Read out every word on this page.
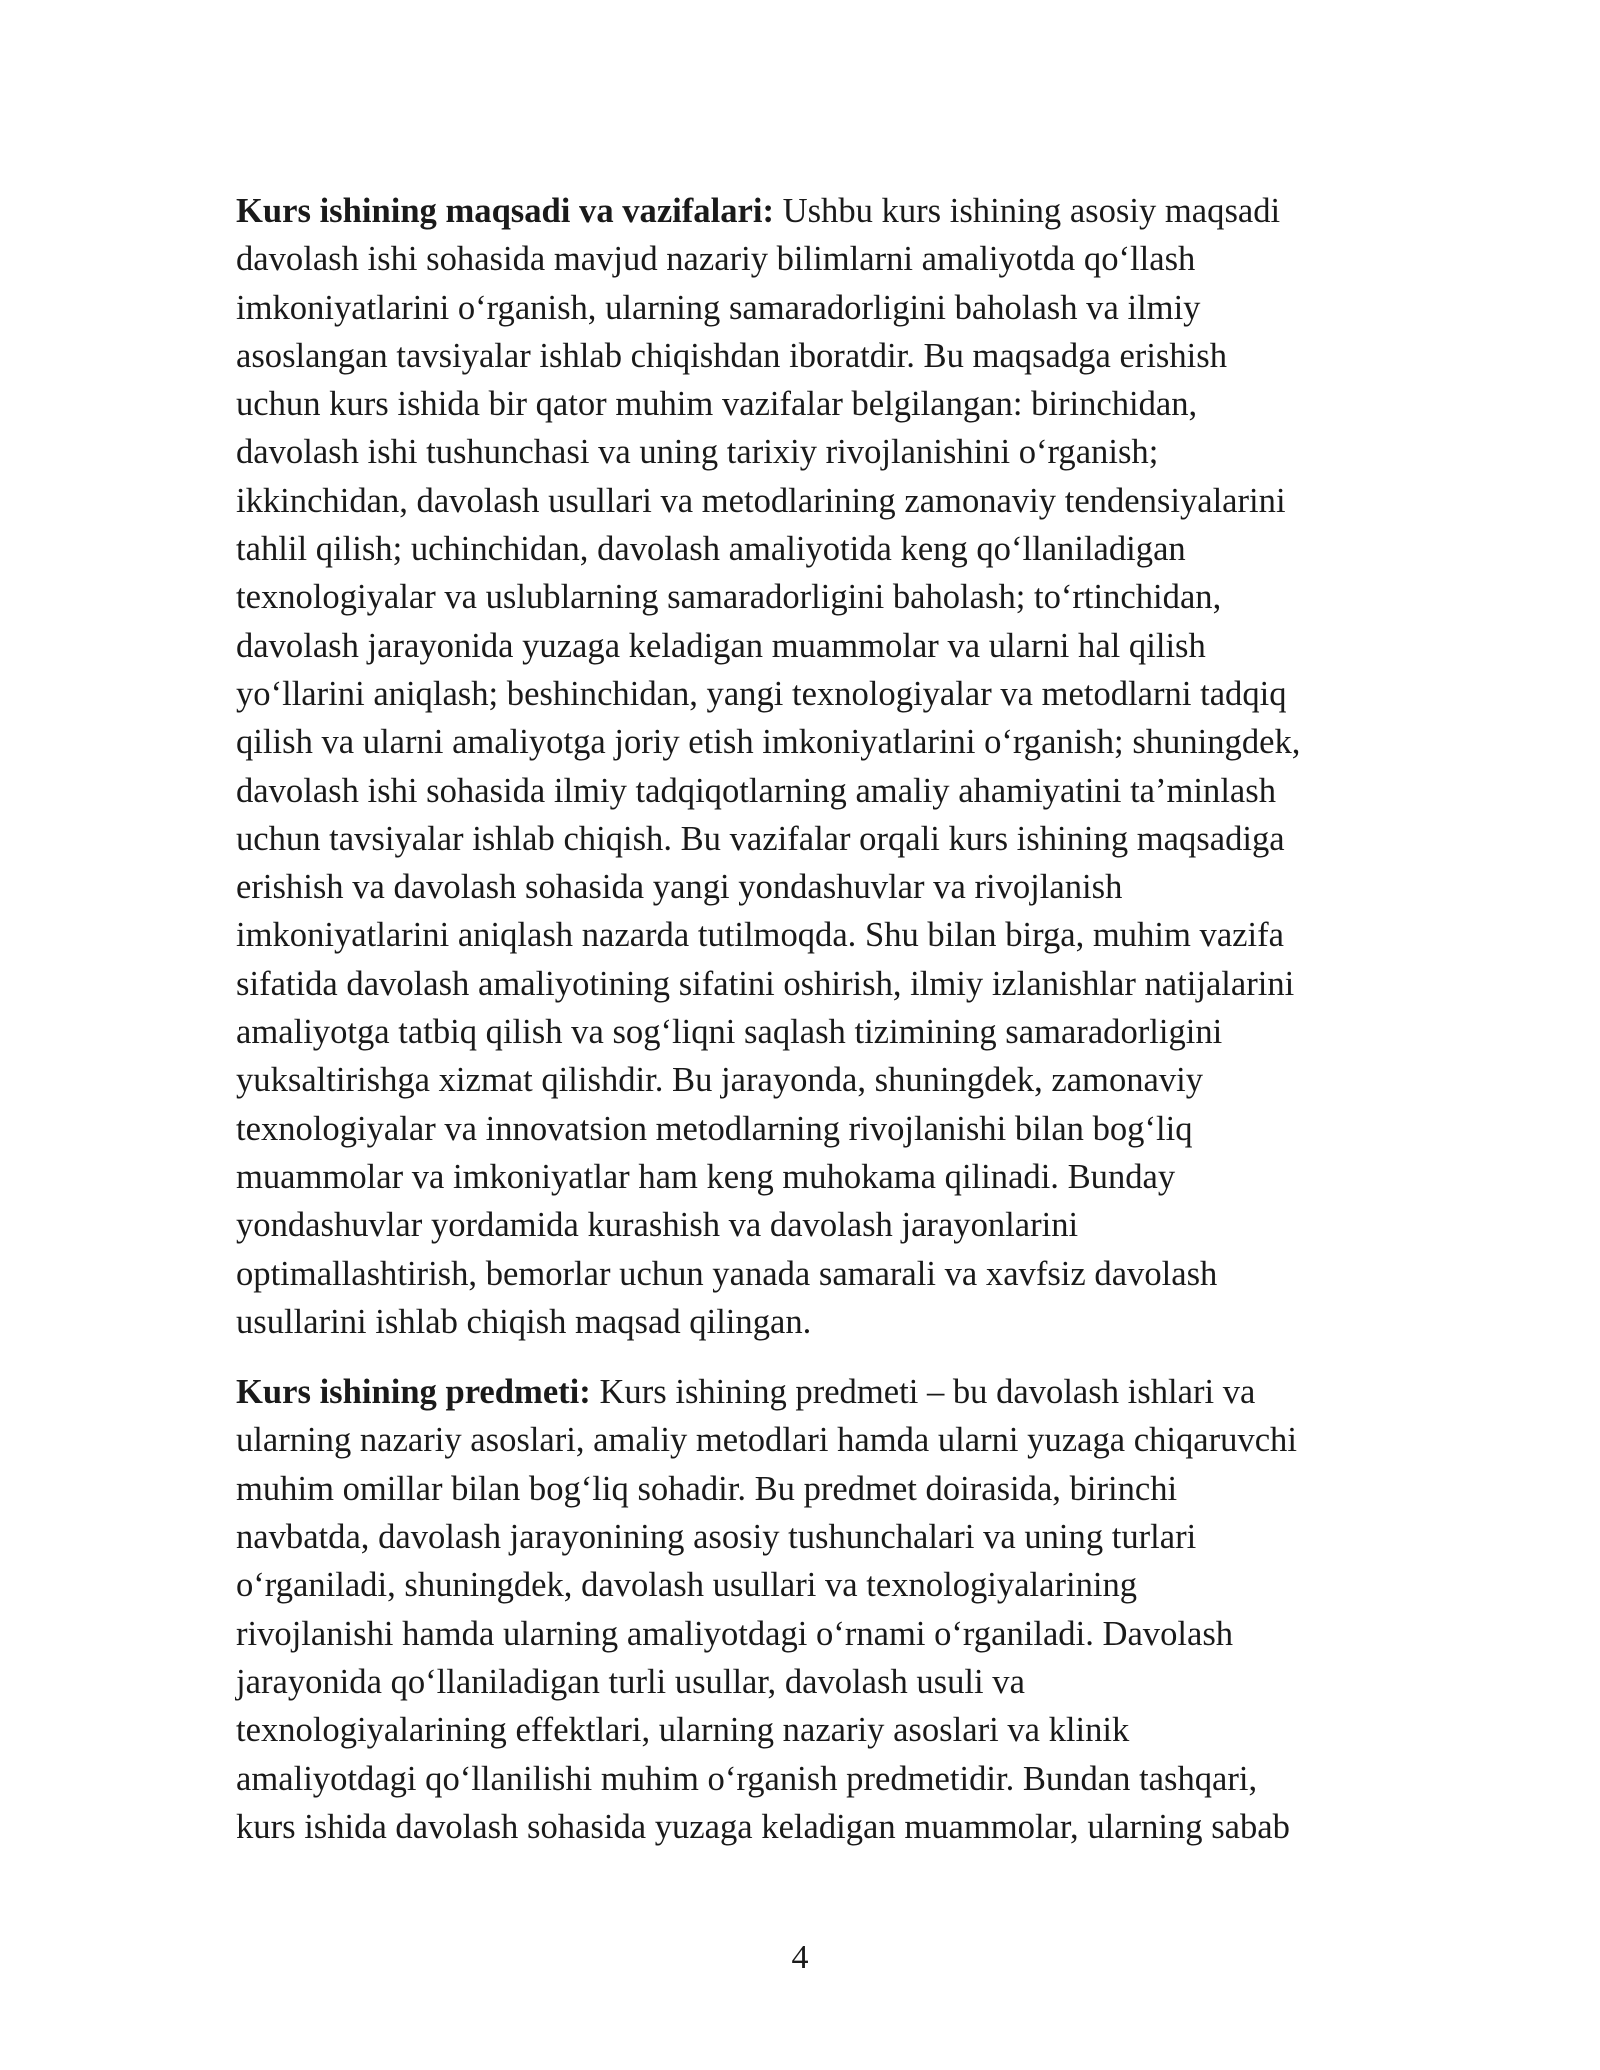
Kurs ishining maqsadi va vazifalari: Ushbu kurs ishining asosiy maqsadi
davolash ishi sohasida mavjud nazariy bilimlarni amaliyotda qo‘llash
imkoniyatlarini o‘rganish, ularning samaradorligini baholash va ilmiy
asoslangan tavsiyalar ishlab chiqishdan iboratdir. Bu maqsadga erishish
uchun kurs ishida bir qator muhim vazifalar belgilangan: birinchidan,
davolash ishi tushunchasi va uning tarixiy rivojlanishini o‘rganish;
ikkinchidan, davolash usullari va metodlarining zamonaviy tendensiyalarini
tahlil qilish; uchinchidan, davolash amaliyotida keng qo‘llaniladigan
texnologiyalar va uslublarning samaradorligini baholash; to‘rtinchidan,
davolash jarayonida yuzaga keladigan muammolar va ularni hal qilish
yo‘llarini aniqlash; beshinchidan, yangi texnologiyalar va metodlarni tadqiq
qilish va ularni amaliyotga joriy etish imkoniyatlarini o‘rganish; shuningdek,
davolash ishi sohasida ilmiy tadqiqotlarning amaliy ahamiyatini ta’minlash
uchun tavsiyalar ishlab chiqish. Bu vazifalar orqali kurs ishining maqsadiga
erishish va davolash sohasida yangi yondashuvlar va rivojlanish
imkoniyatlarini aniqlash nazarda tutilmoqda. Shu bilan birga, muhim vazifa
sifatida davolash amaliyotining sifatini oshirish, ilmiy izlanishlar natijalarini
amaliyotga tatbiq qilish va sog‘liqni saqlash tizimining samaradorligini
yuksaltirishga xizmat qilishdir. Bu jarayonda, shuningdek, zamonaviy
texnologiyalar va innovatsion metodlarning rivojlanishi bilan bog‘liq
muammolar va imkoniyatlar ham keng muhokama qilinadi. Bunday
yondashuvlar yordamida kurashish va davolash jarayonlarini
optimallashtirish, bemorlar uchun yanada samarali va xavfsiz davolash
usullarini ishlab chiqish maqsad qilingan.

Kurs ishining predmeti: Kurs ishining predmeti – bu davolash ishlari va
ularning nazariy asoslari, amaliy metodlari hamda ularni yuzaga chiqaruvchi
muhim omillar bilan bog‘liq sohadir. Bu predmet doirasida, birinchi
navbatda, davolash jarayonining asosiy tushunchalari va uning turlari
o‘rganiladi, shuningdek, davolash usullari va texnologiyalarining
rivojlanishi hamda ularning amaliyotdagi o‘rnami o‘rganiladi. Davolash
jarayonida qo‘llaniladigan turli usullar, davolash usuli va
texnologiyalarining effektlari, ularning nazariy asoslari va klinik
amaliyotdagi qo‘llanilishi muhim o‘rganish predmetidir. Bundan tashqari,
kurs ishida davolash sohasida yuzaga keladigan muammolar, ularning sabab

4
